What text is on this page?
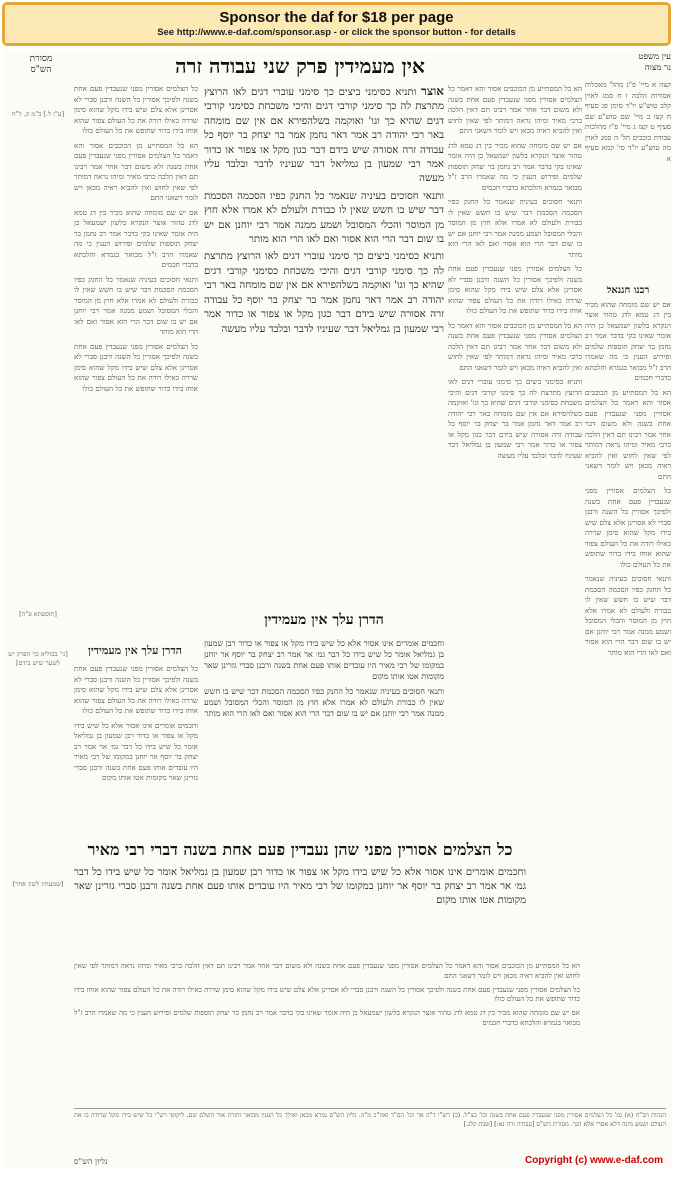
Sponsor the daf for $18 per page
See http://www.e-daf.com/sponsor.asp - or click the sponsor button - for details
מסורת
הש"ס
עין משפט
נר מצוה
אין מעמידין פרק שני עבודה זרה

קצה א מיי' פ"ג מהל' מאכלות אסורות הלכה ז ח סמג לאוין קלב טוש"ע יו"ד סימן פג סעיף ח קצו ב מיי' שם טוש"ע שם סעיף ט קצז ג מיי' פ"ז מהלכות עבודת כוכבים הל' ה סמג לאוין מה טוש"ע יו"ד סי' קמא סעיף א

רבנו חננאל

אם יש שם מומחה שהוא מכיר בין דג טמא לדג טהור אוצר הנקרא בלשון ישמעאל כן היה אומר שאינו בקי בדבר אמר רב נחמן בר יצחק תוספות שלמים ופירוש הענין כי מה שאמרו הרב ז"ל מבואר בגמרא והלכתא כדברי חכמים

הא כל המסתייע מן הכוכבים אסור והא דאמר כל הצלמים אסורין מפני שנעבדין פעם אחת בשנה ולא משום דבר אחר אמר רבינו תם דאין הלכה כרבי מאיר ומיהו נראה דמותר לפי שאין לחוש ואין להביא ראיה מכאן ויש לומר דשאני התם

כל הצלמים אסורין מפני שנעבדין פעם אחת בשנה ולפיכך אסורין כל השנה ורבנן סברי לא אסרינן אלא צלם שיש בידו מקל שהוא סימן שררה כאילו רודה את כל העולם צפור שהוא אוחז בידו כדור שתופש את כל העולם כולו

ותנאי חסוכים בעיניה שנאמר כל החנק כפיו הסכמה הסכמת דבר שיש בו חשש שאין לו כבורת ולעולם לא אמרו אלא חוץ מן המוסר והכלי המסובל ושמע ממנה אמר רבי יוחנן אם יש בו שום דבר הרי הוא אסור ואם לאו הרי הוא מותר

הא כל המסתייע מן הכוכבים אסור והא דאמר כל הצלמים אסורין מפני שנעבדין פעם אחת בשנה ולא משום דבר אחר אמר רבינו תם דאין הלכה כרבי מאיר ומיהו נראה דמותר לפי שאין לחוש ואין להביא ראיה מכאן ויש לומר דשאני התם

אם יש שם מומחה שהוא מכיר בין דג טמא לדג טהור אוצר הנקרא בלשון ישמעאל כן היה אומר שאינו בקי בדבר אמר רב נחמן בר יצחק תוספות שלמים ופירוש הענין כי מה שאמרו הרב ז"ל מבואר בגמרא והלכתא כדברי חכמים

ותנאי חסוכים בעיניה שנאמר כל החנק כפיו הסכמה הסכמת דבר שיש בו חשש שאין לו כבורת ולעולם לא אמרו אלא חוץ מן המוסר והכלי המסובל ושמע ממנה אמר רבי יוחנן אם יש בו שום דבר הרי הוא אסור ואם לאו הרי הוא מותר

כל הצלמים אסורין מפני שנעבדין פעם אחת בשנה ולפיכך אסורין כל השנה ורבנן סברי לא אסרינן אלא צלם שיש בידו מקל שהוא סימן שררה כאילו רודה את כל העולם צפור שהוא אוחז בידו כדור שתופש את כל העולם כולו

הא כל המסתייע מן הכוכבים אסור והא דאמר כל הצלמים אסורין מפני שנעבדין פעם אחת בשנה ולא משום דבר אחר אמר רבינו תם דאין הלכה כרבי מאיר ומיהו נראה דמותר לפי שאין לחוש ואין להביא ראיה מכאן ויש לומר דשאני התם

ותניא כסימני ביצים כך סימני עוברי דגים לאו הרוצץ מתרצת לה כך סימני קורבי דגים והיכי משכחת כסימני קורבי דגים שהיא כך וגו' ואוקמה בשלהפירא אם אין שם מומחה באר רבי יהודה רב אמר דאר נחמן אמר בר יצחק בר יוסף כל עבודה זרה אסורה שיש בידם דבר כגון מקל או צפור או כדור אמר רבי שמעון בן גמליאל דבר שעיניו לדבר ובלבד עליו מעשה

כל הצלמים אסורין מפני שנעבדין פעם אחת בשנה ולפיכך אסורין כל השנה ורבנן סברי לא אסרינן אלא צלם שיש בידו מקל שהוא סימן שררה כאילו רודה את כל העולם צפור שהוא אוחז בידו כדור שתופש את כל העולם כולו

הא כל המסתייע מן הכוכבים אסור והא דאמר כל הצלמים אסורין מפני שנעבדין פעם אחת בשנה ולא משום דבר אחר אמר רבינו תם דאין הלכה כרבי מאיר ומיהו נראה דמותר לפי שאין לחוש ואין להביא ראיה מכאן ויש לומר דשאני התם

אם יש שם מומחה שהוא מכיר בין דג טמא לדג טהור אוצר הנקרא בלשון ישמעאל כן היה אומר שאינו בקי בדבר אמר רב נחמן בר יצחק תוספות שלמים ופירוש הענין כי מה שאמרו הרב ז"ל מבואר בגמרא והלכתא כדברי חכמים

ותנאי חסוכים בעיניה שנאמר כל החנק כפיו הסכמה הסכמת דבר שיש בו חשש שאין לו כבורת ולעולם לא אמרו אלא חוץ מן המוסר והכלי המסובל ושמע ממנה אמר רבי יוחנן אם יש בו שום דבר הרי הוא אסור ואם לאו הרי הוא מותר

כל הצלמים אסורין מפני שנעבדין פעם אחת בשנה ולפיכך אסורין כל השנה ורבנן סברי לא אסרינן אלא צלם שיש בידו מקל שהוא סימן שררה כאילו רודה את כל העולם צפור שהוא אוחז בידו כדור שתופש את כל העולם כולו

הדרן עלך אין מעמידין

כל הצלמים אסורין מפני שנעבדין פעם אחת בשנה ולפיכך אסורין כל השנה ורבנן סברי לא אסרינן אלא צלם שיש בידו מקל שהוא סימן שררה כאילו רודה את כל העולם צפור שהוא אוחז בידו כדור שתופש את כל העולם כולו

וחכמים אומרים אינו אסור אלא כל שיש בידו מקל או צפור או כדור רבן שמעון בן גמליאל אומר כל שיש בידו כל דבר גמ׳ אר אמר רב יצחק בר יוסף אר יוחנן במקומו של רבי מאיר היו עובדים אותו פעם אחת בשנה ורבנן סברי גזרינן שאר מקומות אטו אותו מקום

אוצר ותניא כסימני ביצים כך סימני עוברי דגים לאו הרוצץ מתרצת לה כך סימני קורבי דגים והיכי משכחת כסימני קורבי דגים שהיא כך וגו' ואוקמה בשלהפירא אם אין שם מומחה באר רבי יהודה רב אמר דאר נחמן אמר בר יצחק בר יוסף כל עבודה זרה אסורה שיש בידם דבר כגון מקל או צפור או כדור אמר רבי שמעון בן גמליאל דבר שעיניו לדבר ובלבד עליו מעשה

ותנאי חסוכים בעיניה שנאמר כל החנק כפיו הסכמה הסכמת דבר שיש בו חשש שאין לו כבורת ולעולם לא אמרו אלא חוץ מן המוסר והכלי המסובל ושמע ממנה אמר רבי יוחנן אם יש בו שום דבר הרי הוא אסור ואם לאו הרי הוא מותר

ותניא כסימני ביצים כך סימני עוברי דגים לאו הרוצץ מתרצת לה כך סימני קורבי דגים והיכי משכחת כסימני קורבי דגים שהיא כך וגו' ואוקמה בשלהפירא אם אין שם מומחה באר רבי יהודה רב אמר דאר נחמן אמר בר יצחק בר יוסף כל עבודה זרה אסורה שיש בידם דבר כגון מקל או צפור או כדור אמר רבי שמעון בן גמליאל דבר שעיניו לדבר ובלבד עליו מעשה

הדרן עלך אין מעמידין

וחכמים אומרים אינו אסור אלא כל שיש בידו מקל או צפור או כדור רבן שמעון בן גמליאל אומר כל שיש בידו כל דבר גמ׳ אר אמר רב יצחק בר יוסף אר יוחנן במקומו של רבי מאיר היו עובדים אותו פעם אחת בשנה ורבנן סברי גזרינן שאר מקומות אטו אותו מקום

ותנאי חסוכים בעיניה שנאמר כל החנק כפיו הסכמה הסכמת דבר שיש בו חשש שאין לו כבורת ולעולם לא אמרו אלא חוץ מן המוסר והכלי המסובל ושמע ממנה אמר רבי יוחנן אם יש בו שום דבר הרי הוא אסור ואם לאו הרי הוא מותר

כל הצלמים אסורין מפני שהן נעבדין פעם אחת בשנה דברי רבי מאיר

וחכמים אומרים אינו אסור אלא כל שיש בידו מקל או צפור או כדור רבן שמעון בן גמליאל אומר כל שיש בידו כל דבר גמ׳ אר אמר רב יצחק בר יוסף אר יוחנן במקומו של רבי מאיר היו עובדים אותו פעם אחת בשנה ורבנן סברי גזרינן שאר מקומות אטו אותו מקום

הא כל המסתייע מן הכוכבים אסור והא דאמר כל הצלמים אסורין מפני שנעבדין פעם אחת בשנה ולא משום דבר אחר אמר רבינו תם דאין הלכה כרבי מאיר ומיהו נראה דמותר לפי שאין לחוש ואין להביא ראיה מכאן ויש לומר דשאני התם

כל הצלמים אסורין מפני שנעבדין פעם אחת בשנה ולפיכך אסורין כל השנה ורבנן סברי לא אסרינן אלא צלם שיש בידו מקל שהוא סימן שררה כאילו רודה את כל העולם צפור שהוא אוחז בידו כדור שתופש את כל העולם כולו

אם יש שם מומחה שהוא מכיר בין דג טמא לדג טהור אוצר הנקרא בלשון ישמעאל כן היה אומר שאינו בקי בדבר אמר רב נחמן בר יצחק תוספות שלמים ופירוש הענין כי מה שאמרו הרב ז"ל מבואר בגמרא והלכתא כדברי חכמים

[ע"ז ל.] ב"מ ק. ל"ח
[תוספתא פ"ה]
[גי' בכוליא כך הפרק יש לשער שיש בידם]
[שמעתין לשון אחר]
הגהות הב"ח (א) גמ' כל הצלמים אסורין מפני שנעבדין פעם אחת בשנה וכו' כצ"ל. (ב) רש"י ד"ה אר וכו' הס"ד ואח"כ מ"ה. גליון הש"ס גמרא מכאן ואילך כל הענין מבואר ותורה אור השלם שם. ליקוטי רש"י כל שיש בידו מקל שרודה בו את העולם ושמע מינה דלא אסרי אלא הנך. מסורת הש"ס [עבודה זרה נא:] [שבת קלג.]
נליון הש"ס	Copyright (c) www.e-daf.com
